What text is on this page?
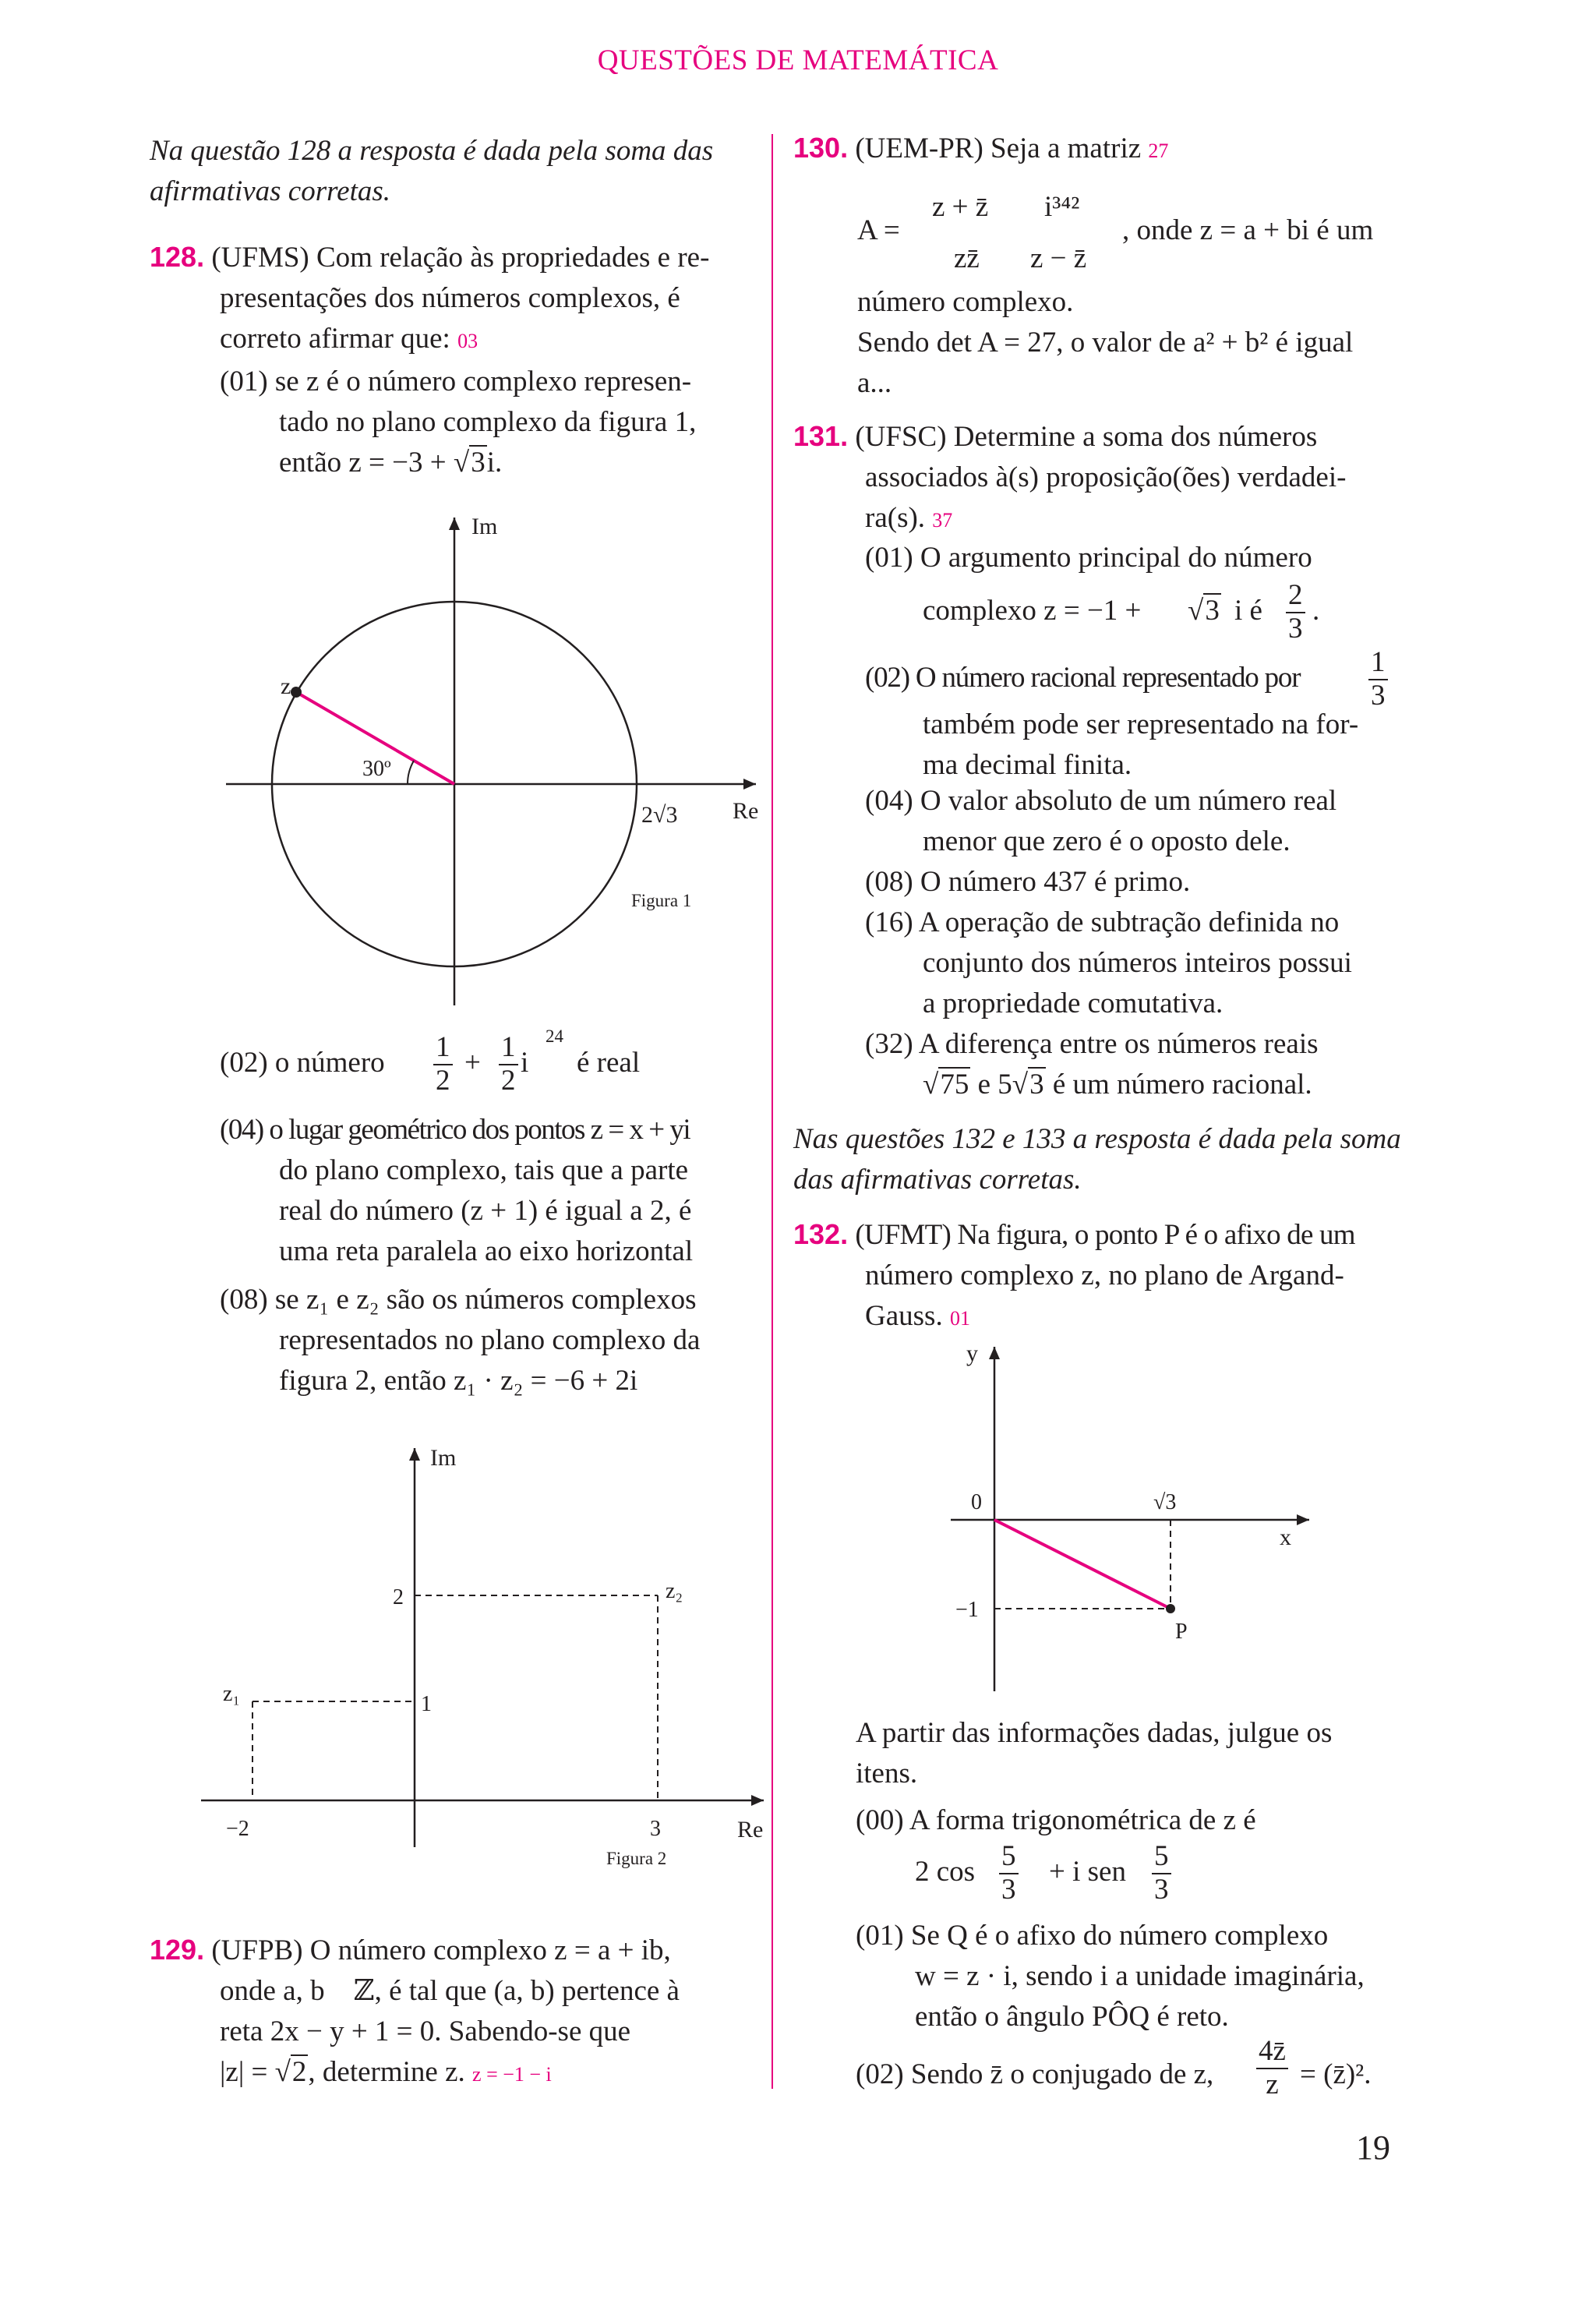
QUESTÕES DE MATEMÁTICA
Na questão 128 a resposta é dada pela soma das afirmativas corretas.
128. (UFMS) Com relação às propriedades e re-
presentações dos números complexos, é
correto afirmar que: 03
(01) se z é o número complexo represen-
tado no plano complexo da figura 1,
então z = −3 + √3i.
Im
Re
z
30º
2√3
Figura 1
(02) o número $\frac{1}{2} + \frac{1}{2}$ i
24
é real
(04) o lugar geométrico dos pontos z = x + yi
do plano complexo, tais que a parte
real do número (z + 1) é igual a 2, é
uma reta paralela ao eixo horizontal
(08) se z₁ e z₂ são os números complexos
representados no plano complexo da
figura 2, então z₁ · z₂ = −6 + 2i
Im
Re
z₂
z₁
2
1
−2	3
Figura 2
129. (UFPB) O número complexo z = a + ib,
onde a, b    ℤ, é tal que (a, b) pertence à
reta 2x − y + 1 = 0. Sabendo-se que
|z| = √2, determine z. z = −1 − i
130. (UEM-PR) Seja a matriz 27
A =
z + z̄ i³⁴²
zz̄ z − z̄
, onde z = a + bi é um
número complexo.
Sendo det A = 27, o valor de a² + b² é igual
a...
131. (UFSC) Determine a soma dos números
associados à(s) proposição(ões) verdadei-
ra(s). 37
(01) O argumento principal do número
complexo z = −1 + √3 i é $\frac{2}{3}$ .
(02) O número racional representado por $\frac{1}{3}$
também pode ser representado na for-
ma decimal finita.
(04) O valor absoluto de um número real
menor que zero é o oposto dele.
(08) O número 437 é primo.
(16) A operação de subtração definida no
conjunto dos números inteiros possui
a propriedade comutativa.
(32) A diferença entre os números reais
√75 e 5√3 é um número racional.
Nas questões 132 e 133 a resposta é dada pela soma das afirmativas corretas.
132. (UFMT) Na figura, o ponto P é o afixo de um
número complexo z, no plano de Argand-
Gauss. 01
y
x
0	√3
−1
P
A partir das informações dadas, julgue os
itens.
(00) A forma trigonométrica de z é
2 $\cos \frac{5}{3} + i$ sen $\frac{5}{3}$
(01) Se Q é o afixo do número complexo
w = z · i, sendo i a unidade imaginária,
então o ângulo PÔQ é reto.
(02) Sendo z̄ o conjugado de z, $\frac{4z̄}{z}$ = (z̄)².
19
